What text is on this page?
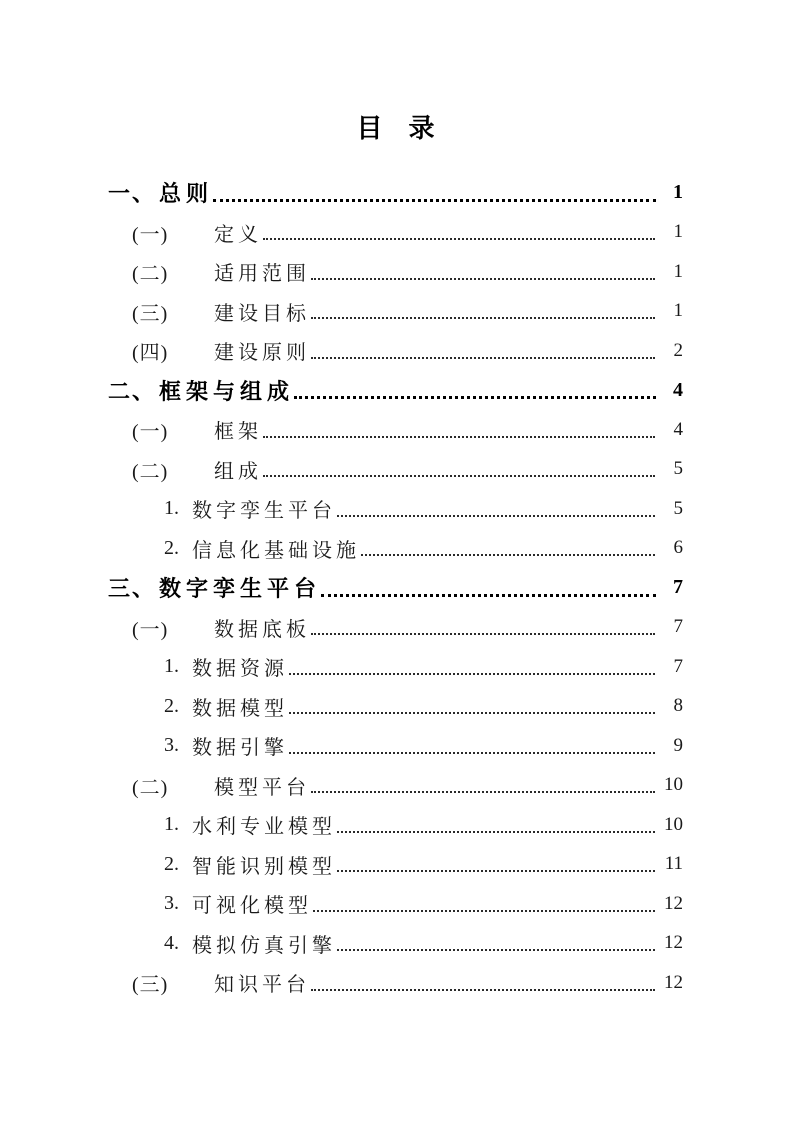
目　录
一、 总则	1
(一)	定义	1
(二)	适用范围	1
(三)	建设目标	1
(四)	建设原则	2
二、 框架与组成	4
(一)	框架	4
(二)	组成	5
1. 数字孪生平台	5
2. 信息化基础设施	6
三、 数字孪生平台	7
(一)	数据底板	7
1. 数据资源	7
2. 数据模型	8
3. 数据引擎	9
(二)	模型平台	10
1. 水利专业模型	10
2. 智能识别模型	11
3. 可视化模型	12
4. 模拟仿真引擎	12
(三)	知识平台	12
